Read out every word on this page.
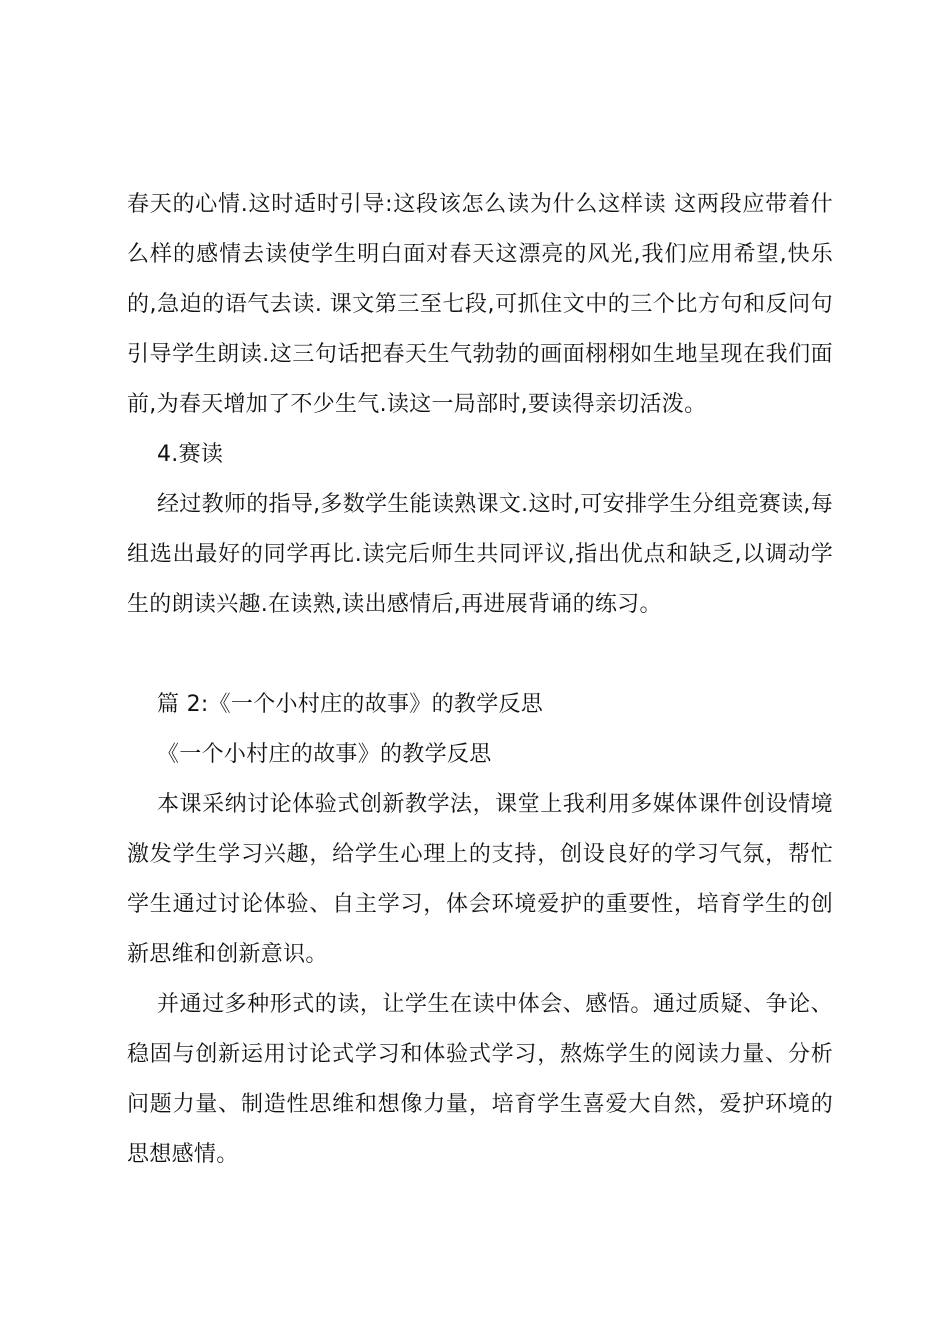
春天的心情.这时适时引导:这段该怎么读为什么这样读 这两段应带着什
么样的感情去读使学生明白面对春天这漂亮的风光,我们应用希望,快乐
的,急迫的语气去读. 课文第三至七段,可抓住文中的三个比方句和反问句
引导学生朗读.这三句话把春天生气勃勃的画面栩栩如生地呈现在我们面
前,为春天增加了不少生气.读这一局部时,要读得亲切活泼。
4.赛读
经过教师的指导,多数学生能读熟课文.这时,可安排学生分组竞赛读,每
组选出最好的同学再比.读完后师生共同评议,指出优点和缺乏,以调动学
生的朗读兴趣.在读熟,读出感情后,再进展背诵的练习。
篇 2:《一个小村庄的故事》的教学反思
《一个小村庄的故事》的教学反思
本课采纳讨论体验式创新教学法，课堂上我利用多媒体课件创设情境
激发学生学习兴趣，给学生心理上的支持，创设良好的学习气氛，帮忙
学生通过讨论体验、自主学习，体会环境爱护的重要性，培育学生的创
新思维和创新意识。
并通过多种形式的读，让学生在读中体会、感悟。通过质疑、争论、
稳固与创新运用讨论式学习和体验式学习，熬炼学生的阅读力量、分析
问题力量、制造性思维和想像力量，培育学生喜爱大自然，爱护环境的
思想感情。
